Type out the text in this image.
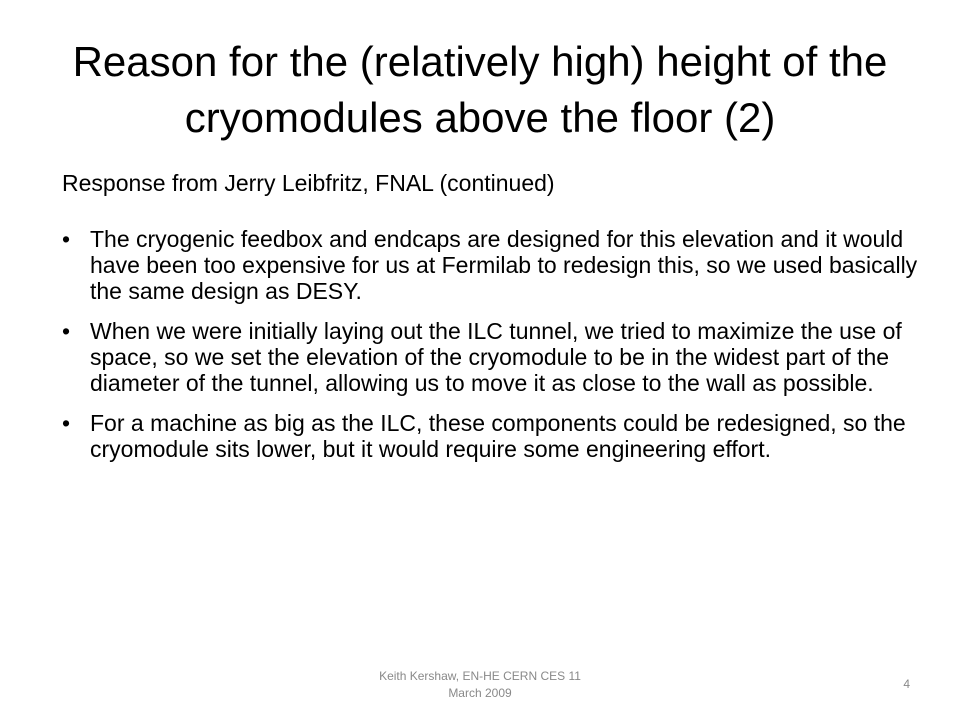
Reason for the (relatively high) height of the cryomodules above the floor (2)

Response from Jerry Leibfritz, FNAL (continued)

• The cryogenic feedbox and endcaps are designed for this elevation and it would have been too expensive for us at Fermilab to redesign this, so we used basically the same design as DESY.
• When we were initially laying out the ILC tunnel, we tried to maximize the use of space, so we set the elevation of the cryomodule to be in the widest part of the diameter of the tunnel, allowing us to move it as close to the wall as possible.
• For a machine as big as the ILC, these components could be redesigned, so the cryomodule sits lower, but it would require some engineering effort.
Keith Kershaw, EN-HE CERN CES 11
March 2009
4
